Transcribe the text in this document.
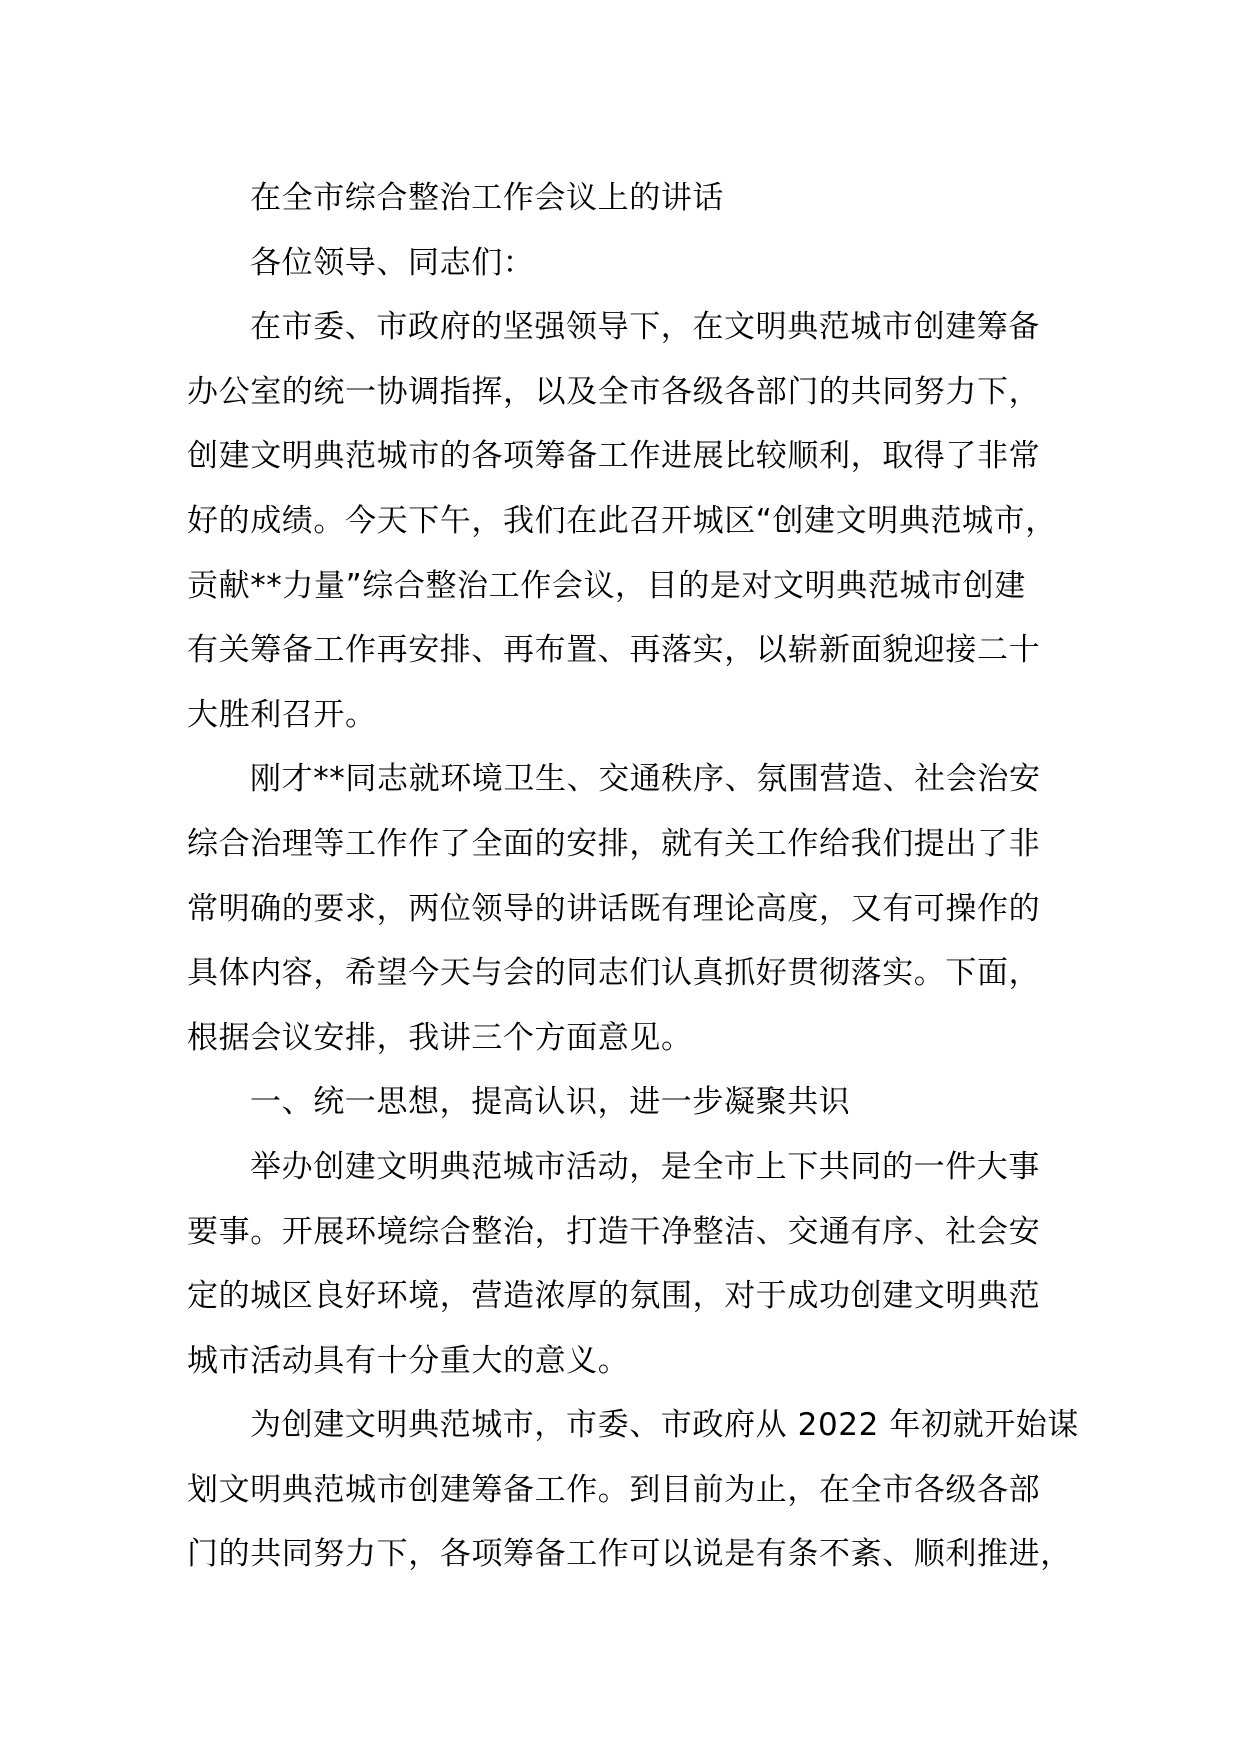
在全市综合整治工作会议上的讲话
各位领导、同志们：
在市委、市政府的坚强领导下，在文明典范城市创建筹备
办公室的统一协调指挥，以及全市各级各部门的共同努力下，
创建文明典范城市的各项筹备工作进展比较顺利，取得了非常
好的成绩。今天下午，我们在此召开城区“创建文明典范城市，
贡献**力量”综合整治工作会议，目的是对文明典范城市创建
有关筹备工作再安排、再布置、再落实，以崭新面貌迎接二十
大胜利召开。
刚才**同志就环境卫生、交通秩序、氛围营造、社会治安
综合治理等工作作了全面的安排，就有关工作给我们提出了非
常明确的要求，两位领导的讲话既有理论高度，又有可操作的
具体内容，希望今天与会的同志们认真抓好贯彻落实。下面，
根据会议安排，我讲三个方面意见。
一、统一思想，提高认识，进一步凝聚共识
举办创建文明典范城市活动，是全市上下共同的一件大事
要事。开展环境综合整治，打造干净整洁、交通有序、社会安
定的城区良好环境，营造浓厚的氛围，对于成功创建文明典范
城市活动具有十分重大的意义。
为创建文明典范城市，市委、市政府从 2022 年初就开始谋
划文明典范城市创建筹备工作。到目前为止，在全市各级各部
门的共同努力下，各项筹备工作可以说是有条不紊、顺利推进，
